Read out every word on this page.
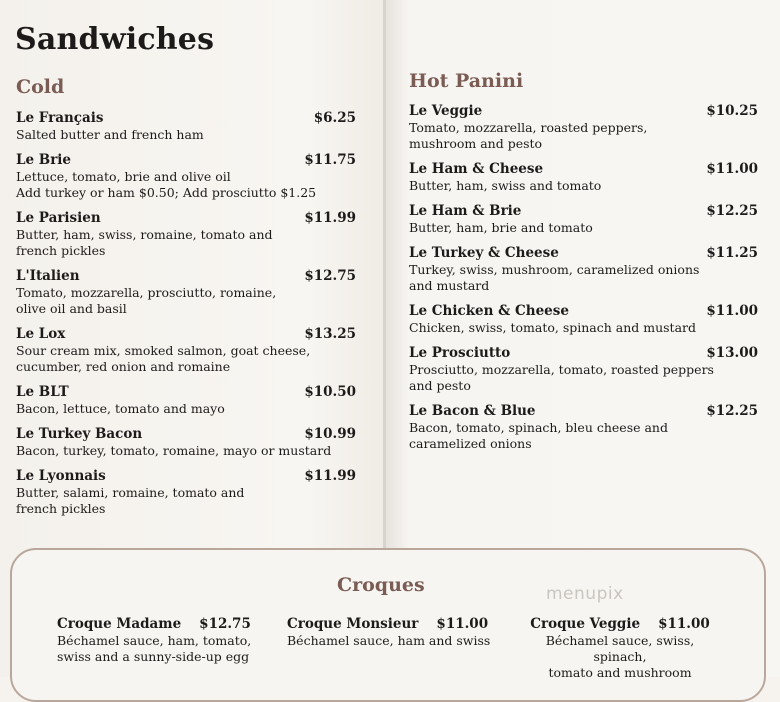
Sandwiches
Cold
Le Français	$6.25
Salted butter and french ham
Le Brie	$11.75
Lettuce, tomato, brie and olive oil
Add turkey or ham $0.50; Add prosciutto $1.25
Le Parisien	$11.99
Butter, ham, swiss, romaine, tomato and
french pickles
L'Italien	$12.75
Tomato, mozzarella, prosciutto, romaine,
olive oil and basil
Le Lox	$13.25
Sour cream mix, smoked salmon, goat cheese,
cucumber, red onion and romaine
Le BLT	$10.50
Bacon, lettuce, tomato and mayo
Le Turkey Bacon	$10.99
Bacon, turkey, tomato, romaine, mayo or mustard
Le Lyonnais	$11.99
Butter, salami, romaine, tomato and
french pickles
Hot Panini
Le Veggie	$10.25
Tomato, mozzarella, roasted peppers,
mushroom and pesto
Le Ham & Cheese	$11.00
Butter, ham, swiss and tomato
Le Ham & Brie	$12.25
Butter, ham, brie and tomato
Le Turkey & Cheese	$11.25
Turkey, swiss, mushroom, caramelized onions
and mustard
Le Chicken & Cheese	$11.00
Chicken, swiss, tomato, spinach and mustard
Le Prosciutto	$13.00
Prosciutto, mozzarella, tomato, roasted peppers
and pesto
Le Bacon & Blue	$12.25
Bacon, tomato, spinach, bleu cheese and
caramelized onions
Croques	menupix
Croque Madame $12.75
Béchamel sauce, ham, tomato,
swiss and a sunny-side-up egg
Croque Monsieur $11.00
Béchamel sauce, ham and swiss
Croque Veggie $11.00
Béchamel sauce, swiss, spinach,
tomato and mushroom
